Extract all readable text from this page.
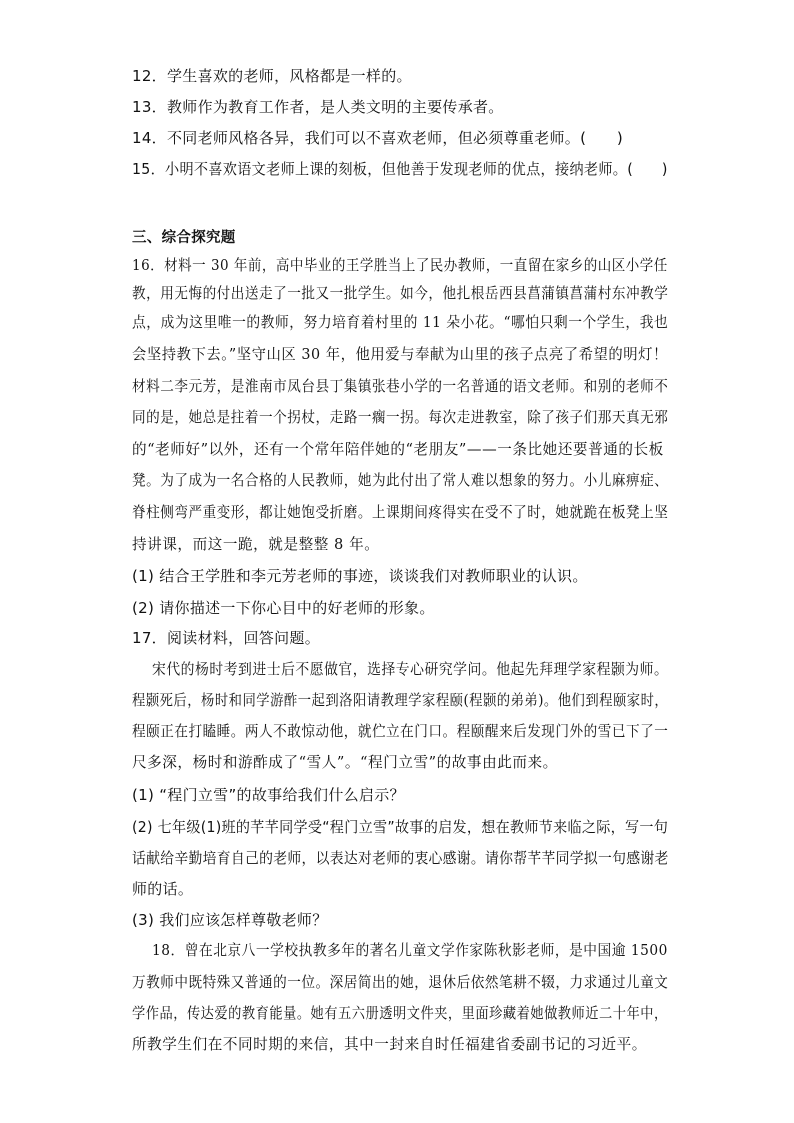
12．学生喜欢的老师，风格都是一样的。
13．教师作为教育工作者，是人类文明的主要传承者。
14．不同老师风格各异，我们可以不喜欢老师，但必须尊重老师。(　　)
15．小明不喜欢语文老师上课的刻板，但他善于发现老师的优点，接纳老师。(　　)
三、综合探究题
16．材料一 30 年前，高中毕业的王学胜当上了民办教师，一直留在家乡的山区小学任
教，用无悔的付出送走了一批又一批学生。如今，他扎根岳西县菖蒲镇菖蒲村东冲教学
点，成为这里唯一的教师，努力培育着村里的 11 朵小花。“哪怕只剩一个学生，我也
会坚持教下去。”坚守山区 30 年，他用爱与奉献为山里的孩子点亮了希望的明灯！
材料二李元芳，是淮南市凤台县丁集镇张巷小学的一名普通的语文老师。和别的老师不
同的是，她总是拄着一个拐杖，走路一瘸一拐。每次走进教室，除了孩子们那天真无邪
的“老师好”以外，还有一个常年陪伴她的“老朋友”——一条比她还要普通的长板
凳。为了成为一名合格的人民教师，她为此付出了常人难以想象的努力。小儿麻痹症、
脊柱侧弯严重变形，都让她饱受折磨。上课期间疼得实在受不了时，她就跪在板凳上坚
持讲课，而这一跪，就是整整 8 年。
(1) 结合王学胜和李元芳老师的事迹，谈谈我们对教师职业的认识。
(2) 请你描述一下你心目中的好老师的形象。
17．阅读材料，回答问题。
宋代的杨时考到进士后不愿做官，选择专心研究学问。他起先拜理学家程颢为师。
程颢死后，杨时和同学游酢一起到洛阳请教理学家程颐(程颢的弟弟)。他们到程颐家时，
程颐正在打瞌睡。两人不敢惊动他，就伫立在门口。程颐醒来后发现门外的雪已下了一
尺多深，杨时和游酢成了“雪人”。“程门立雪”的故事由此而来。
(1) “程门立雪”的故事给我们什么启示？
(2) 七年级(1)班的芊芊同学受“程门立雪”故事的启发，想在教师节来临之际，写一句
话献给辛勤培育自己的老师，以表达对老师的衷心感谢。请你帮芊芊同学拟一句感谢老
师的话。
(3) 我们应该怎样尊敬老师？
18．曾在北京八一学校执教多年的著名儿童文学作家陈秋影老师，是中国逾 1500
万教师中既特殊又普通的一位。深居简出的她，退休后依然笔耕不辍，力求通过儿童文
学作品，传达爱的教育能量。她有五六册透明文件夹，里面珍藏着她做教师近二十年中，
所教学生们在不同时期的来信，其中一封来自时任福建省委副书记的习近平。
